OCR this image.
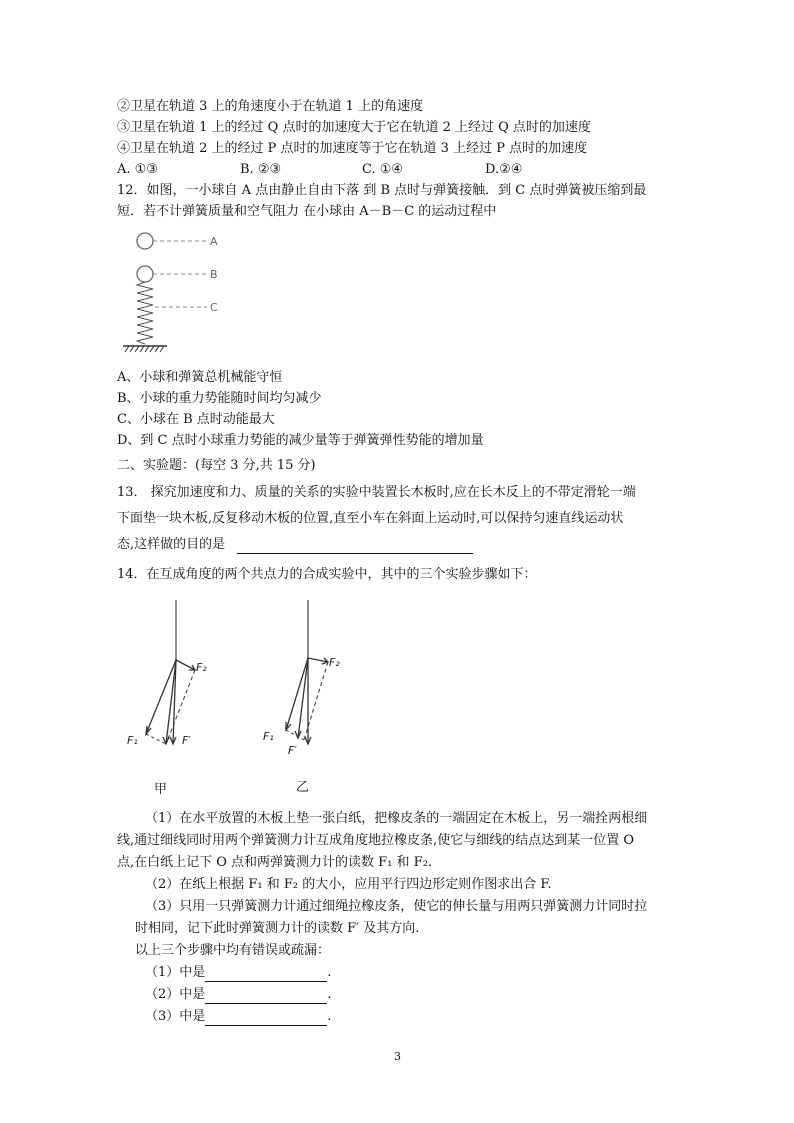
②卫星在轨道 3 上的角速度小于在轨道 1 上的角速度
③卫星在轨道 1 上的经过 Q 点时的加速度大于它在轨道 2 上经过 Q 点时的加速度
④卫星在轨道 2 上的经过 P 点时的加速度等于它在轨道 3 上经过 P 点时的加速度
A. ①③	B. ②③	C. ①④	D.②④
12．如图，一小球自 A 点由静止自由下落 到 B 点时与弹簧接触．到 C 点时弹簧被压缩到最
短．若不计弹簧质量和空气阻力 在小球由 A－B－C 的运动过程中
A
B
C
A、小球和弹簧总机械能守恒
B、小球的重力势能随时间均匀减少
C、小球在 B 点时动能最大
D、到 C 点时小球重力势能的减少量等于弹簧弹性势能的增加量
二、实验题：(每空 3 分,共 15 分)
13． 探究加速度和力、质量的关系的实验中装置长木板时,应在长木反上的不带定滑轮一端
下面垫一块木板,反复移动木板的位置,直至小车在斜面上运动时,可以保持匀速直线运动状
态,这样做的目的是
14．在互成角度的两个共点力的合成实验中，其中的三个实验步骤如下：
F₂
F₁	F′
甲
F₂
F₁
F′
乙
（1）在水平放置的木板上垫一张白纸，把橡皮条的一端固定在木板上，另一端拴两根细
线,通过细线同时用两个弹簧测力计互成角度地拉橡皮条,使它与细线的结点达到某一位置 O
点,在白纸上记下 O 点和两弹簧测力计的读数 F₁ 和 F₂.
（2）在纸上根据 F₁ 和 F₂ 的大小，应用平行四边形定则作图求出合 F.
（3）只用一只弹簧测力计通过细绳拉橡皮条，使它的伸长量与用两只弹簧测力计同时拉
时相同，记下此时弹簧测力计的读数 F′ 及其方向.
以上三个步骤中均有错误或疏漏：
（1）中是	.
（2）中是	.
（3）中是	.
3
